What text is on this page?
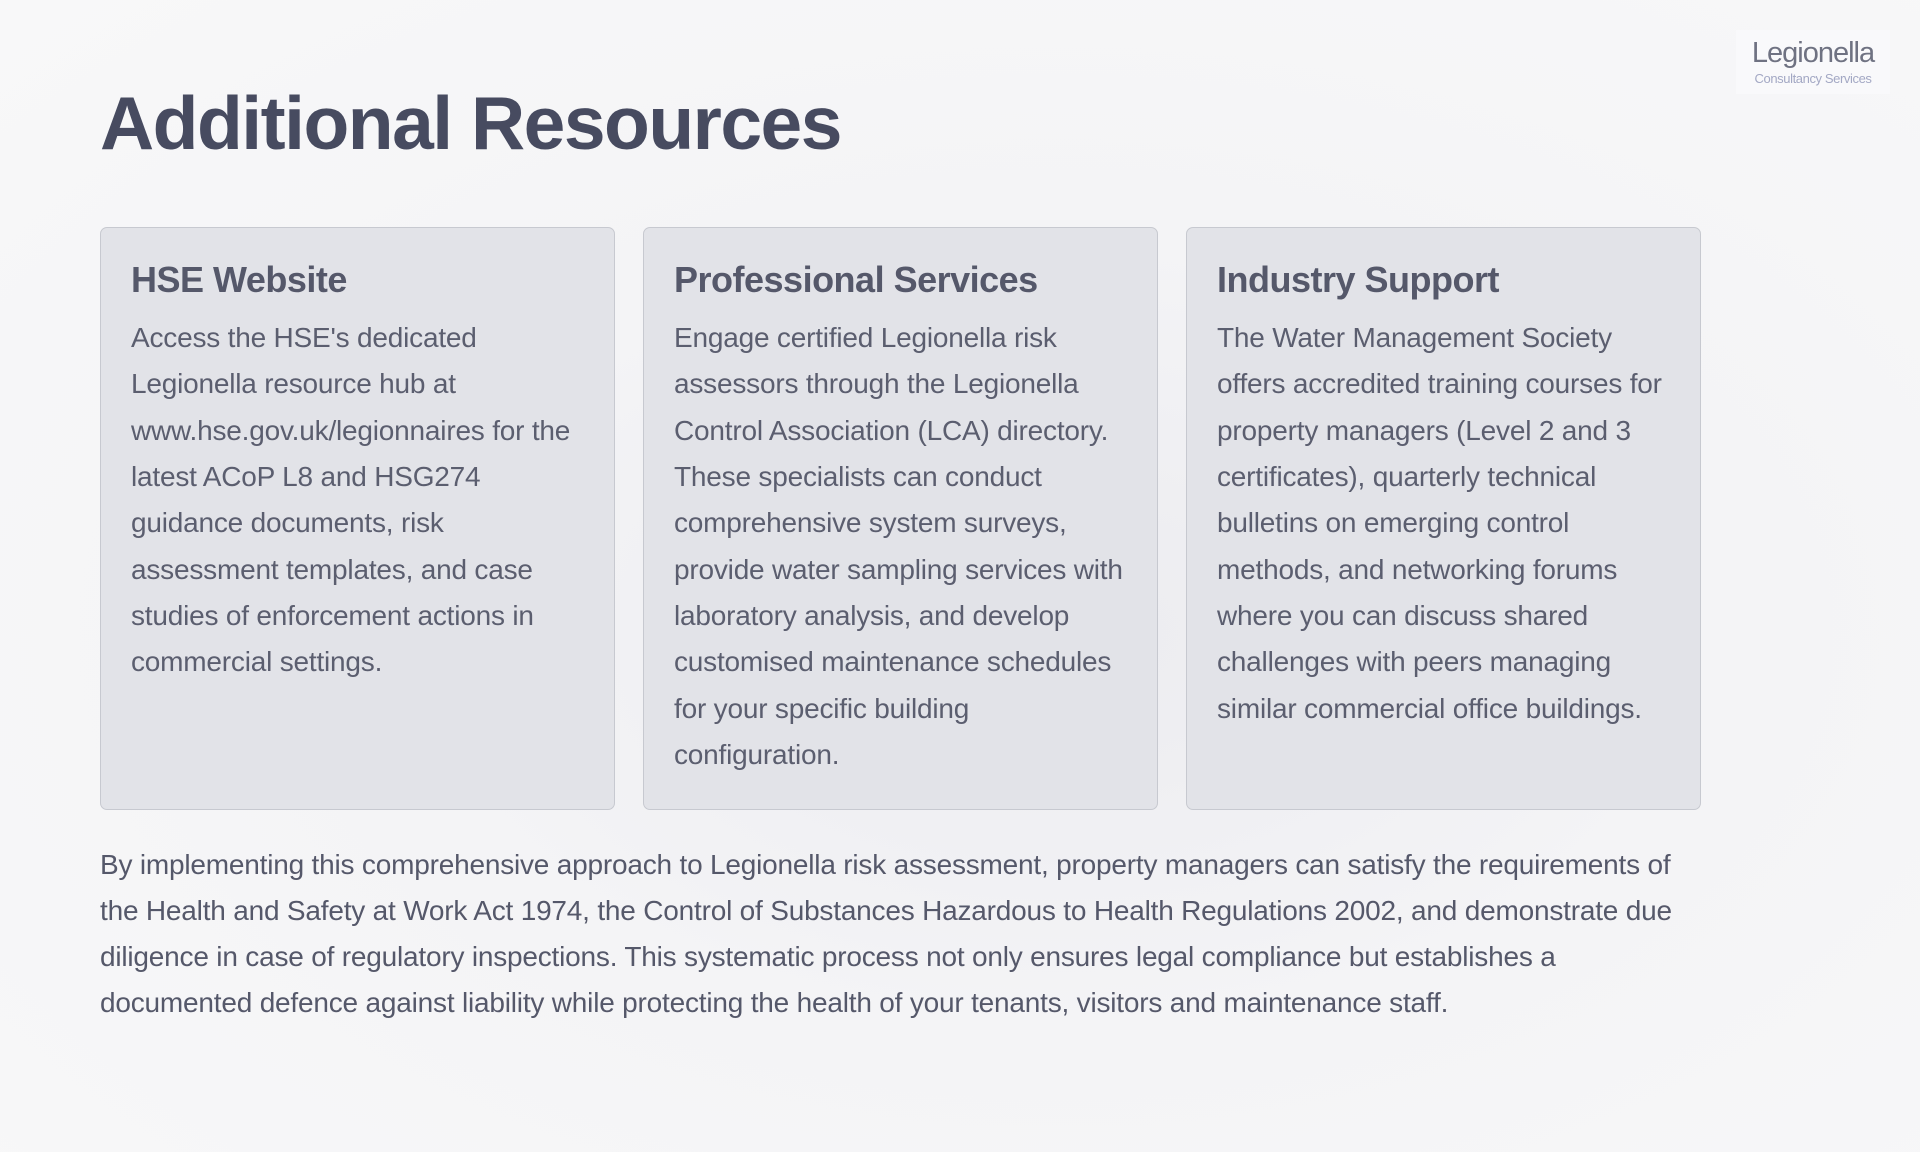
Legionella
Consultancy Services
Additional Resources
HSE Website

Access the HSE's dedicated Legionella resource hub at www.hse.gov.uk/legionnaires for the latest ACoP L8 and HSG274 guidance documents, risk assessment templates, and case studies of enforcement actions in commercial settings.

Professional Services

Engage certified Legionella risk assessors through the Legionella Control Association (LCA) directory. These specialists can conduct comprehensive system surveys, provide water sampling services with laboratory analysis, and develop customised maintenance schedules for your specific building configuration.

Industry Support

The Water Management Society offers accredited training courses for property managers (Level 2 and 3 certificates), quarterly technical bulletins on emerging control methods, and networking forums where you can discuss shared challenges with peers managing similar commercial office buildings.

By implementing this comprehensive approach to Legionella risk assessment, property managers can satisfy the requirements of the Health and Safety at Work Act 1974, the Control of Substances Hazardous to Health Regulations 2002, and demonstrate due diligence in case of regulatory inspections. This systematic process not only ensures legal compliance but establishes a documented defence against liability while protecting the health of your tenants, visitors and maintenance staff.
